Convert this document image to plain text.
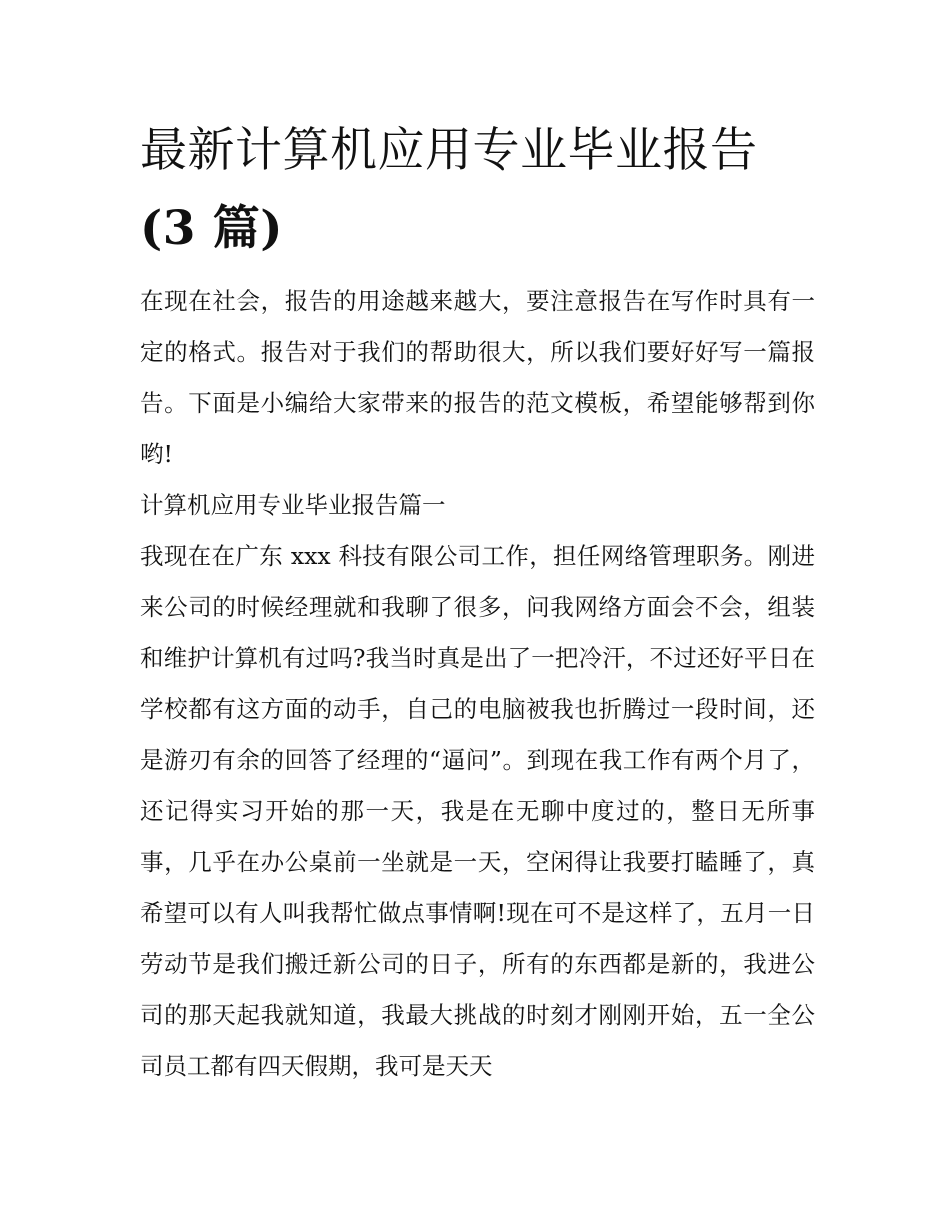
最新计算机应用专业毕业报告
(3 篇)

在现在社会，报告的用途越来越大，要注意报告在写作时具有一定的格式。报告对于我们的帮助很大，所以我们要好好写一篇报告。下面是小编给大家带来的报告的范文模板，希望能够帮到你哟!

计算机应用专业毕业报告篇一

我现在在广东 xxx 科技有限公司工作，担任网络管理职务。刚进来公司的时候经理就和我聊了很多，问我网络方面会不会，组装和维护计算机有过吗?我当时真是出了一把冷汗，不过还好平日在学校都有这方面的动手，自己的电脑被我也折腾过一段时间，还是游刃有余的回答了经理的“逼问”。到现在我工作有两个月了，还记得实习开始的那一天，我是在无聊中度过的，整日无所事事，几乎在办公桌前一坐就是一天，空闲得让我要打瞌睡了，真希望可以有人叫我帮忙做点事情啊!现在可不是这样了，五月一日劳动节是我们搬迁新公司的日子，所有的东西都是新的，我进公司的那天起我就知道，我最大挑战的时刻才刚刚开始，五一全公司员工都有四天假期，我可是天天
